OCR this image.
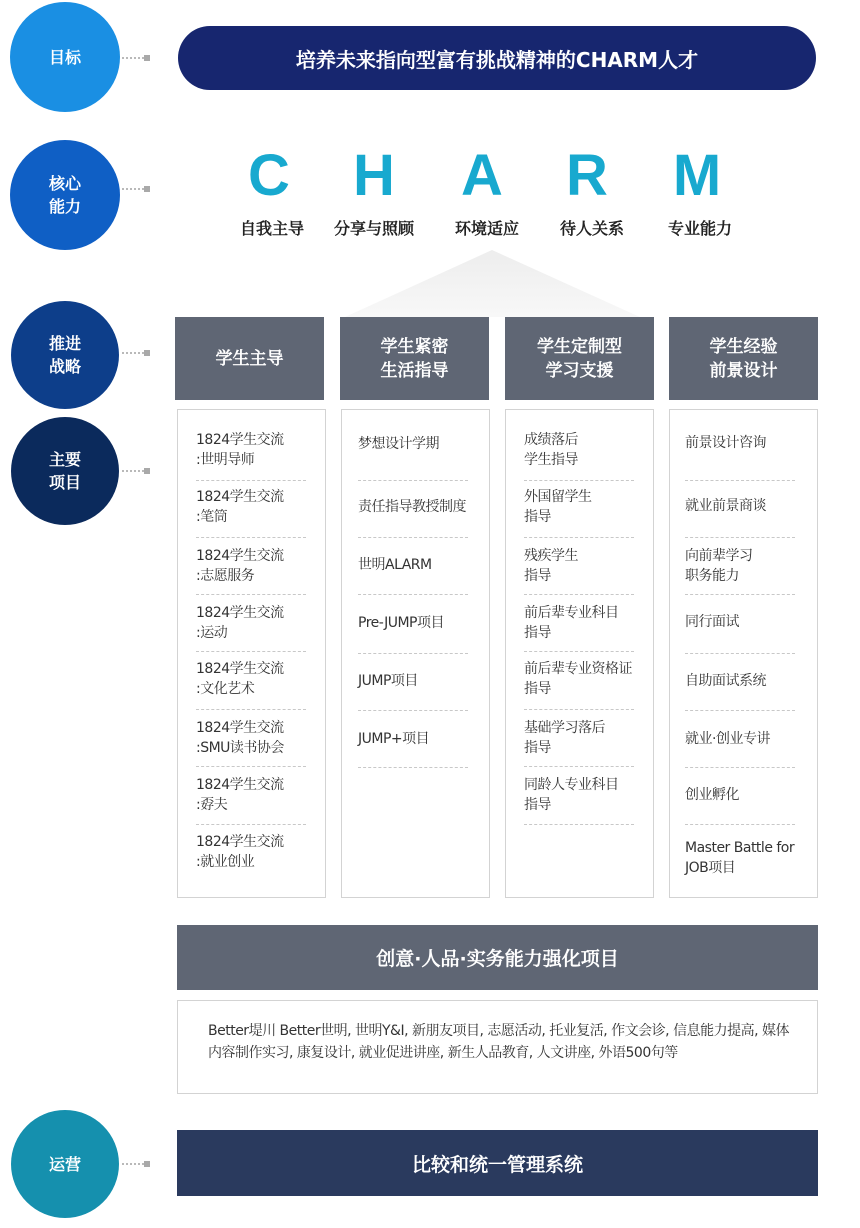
目标
核心
能力
推进
战略
主要
项目
运营
培养未来指向型富有挑战精神的CHARM人才
C	H	A	R	M
自我主导	分享与照顾	环境适应	待人关系	专业能力
学生主导
学生紧密
生活指导
学生定制型
学习支援
学生经验
前景设计
1824学生交流
:世明导师
1824学生交流
:笔筒
1824学生交流
:志愿服务
1824学生交流
:运动
1824学生交流
:文化艺术
1824学生交流
:SMU读书协会
1824学生交流
:孬夫
1824学生交流
:就业创业
梦想设计学期
责任指导教授制度
世明ALARM
Pre-JUMP项目
JUMP项目
JUMP+项目
成绩落后
学生指导
外国留学生
指导
残疾学生
指导
前后辈专业科目
指导
前后辈专业资格证
指导
基础学习落后
指导
同龄人专业科目
指导
前景设计咨询
就业前景商谈
向前辈学习
职务能力
同行面试
自助面试系统
就业·创业专讲
创业孵化
Master Battle for
JOB项目
创意·人品·实务能力强化项目
Better堤川 Better世明, 世明Y&I, 新朋友项目, 志愿活动, 托业复活, 作文会诊, 信息能力提高, 媒体内容制作实习, 康复设计, 就业促进讲座, 新生人品教育, 人文讲座, 外语500句等
比较和统一管理系统
